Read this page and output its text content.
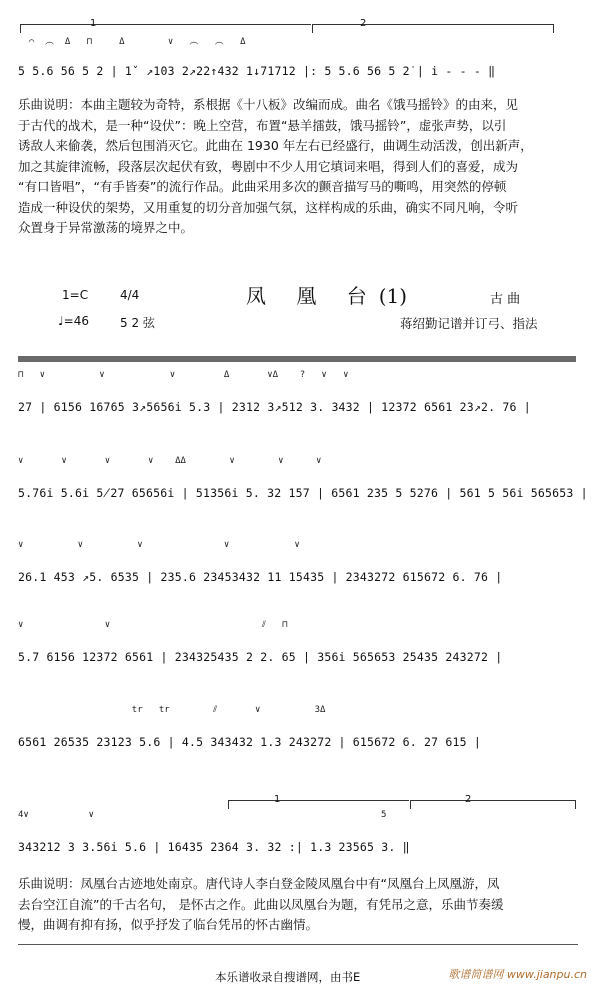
1	2
⌒  ︵  Δ   ⊓     Δ        ∨   ︵   ︵   Δ
5 5.6 56 5 2 | 1ˇ ↗1̇03 2↗2̇2↑4̇32 1↓71712 |: 5 5.6 56 5 2̇ | i - - - ‖
乐曲说明：本曲主题较为奇特，系根据《十八板》改编而成。曲名《饿马摇铃》的由来，见
于古代的战术，是一种“设伏”：晚上空营，布置“悬羊擂鼓，饿马摇铃”，虚张声势，以引
诱敌人来偷袭，然后包围消灭它。此曲在 1930 年左右已经盛行，曲调生动活泼，创出新声，
加之其旋律流畅，段落层次起伏有致，粤剧中不少人用它填词来唱，得到人们的喜爱，成为
“有口皆唱”，“有手皆奏”的流行作品。此曲采用多次的颤音描写马的嘶鸣，用突然的停顿
造成一种设伏的架势，又用重复的切分音加强气氛，这样构成的乐曲，确实不同凡响，令听
众置身于异常激荡的境界之中。
凤 凰 台(1)
1=C	4/4
♩=46	5 2 弦
古 曲
蒋绍勤记谱并订弓、指法
⊓   ∨          ∨            ∨         Δ       ∨Δ    ?   ∨   ∨
27 | 6156 16765 3↗5656i 5.3 | 2312 3↗512 3. 3432 | 12372 6561 23↗2. 76 |
∨       ∨       ∨       ∨    ΔΔ        ∨        ∨      ∨
5.76i 5.6i 5̸27 65656i | 51356i 5. 32 157 | 6561 235 5 5276 | 561 5 56i 565653 |
∨          ∨          ∨               ∨            ∨
26.1 453 ↗5. 6535 | 235.6 23453432 11 15435 | 2343272 615672 6. 76 |
∨               ∨                            ⫽   ⊓
5.7 6156 12372 6561 | 234325435 2 2. 65 | 356i 565653 25435 243272 |
tr   tr        ⫽       ∨          3Δ
6561 26535 23123 5.6 | 4.5 343432 1.3 243272 | 615672 6. 27 615 |
1	2
4∨           ∨                                                     5
343212 3 3.56i 5.6 | 16435 2364 3. 32 :| 1.3 23565 3. ‖
乐曲说明：凤凰台古迹地处南京。唐代诗人李白登金陵凤凰台中有“凤凰台上凤凰游，凤
去台空江自流”的千古名句， 是怀古之作。此曲以凤凰台为题，有凭吊之意，乐曲节奏缓
慢，曲调有抑有扬，似乎抒发了临台凭吊的怀古幽情。
本乐谱收录自搜谱网，由书E	歌谱简谱网 www.jianpu.cn
